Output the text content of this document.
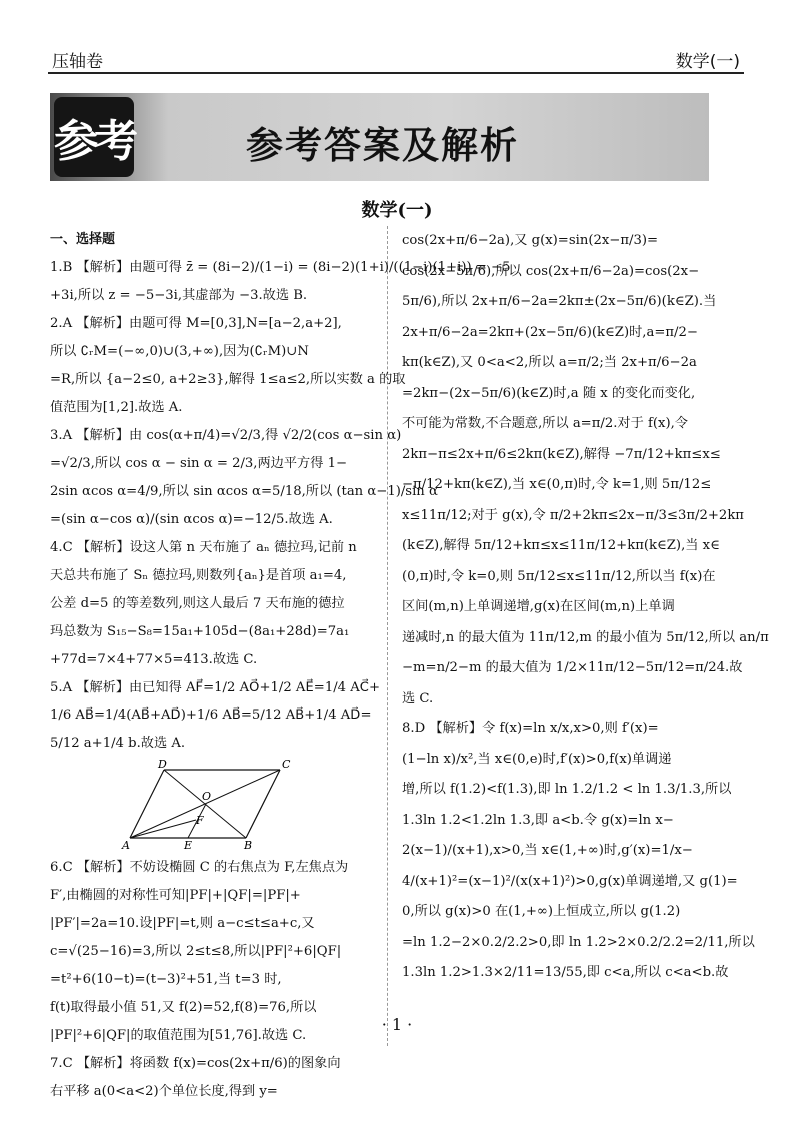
压轴卷	数学(一)
参考	参考答案及解析
数学(一)
一、选择题
1.B 【解析】由题可得 z̄ = (8i−2)/(1−i) = (8i−2)(1+i)/((1−i)(1+i)) = −5
+3i,所以 z = −5−3i,其虚部为 −3.故选 B.
2.A 【解析】由题可得 M=[0,3],N=[a−2,a+2],
所以 ∁ᵣM=(−∞,0)∪(3,+∞),因为(∁ᵣM)∪N
=R,所以 {a−2≤0, a+2≥3},解得 1≤a≤2,所以实数 a 的取
值范围为[1,2].故选 A.
3.A 【解析】由 cos(α+π/4)=√2/3,得 √2/2(cos α−sin α)
=√2/3,所以 cos α − sin α = 2/3,两边平方得 1−
2sin αcos α=4/9,所以 sin αcos α=5/18,所以 (tan α−1)/sin α
=(sin α−cos α)/(sin αcos α)=−12/5.故选 A.
4.C 【解析】设这人第 n 天布施了 aₙ 德拉玛,记前 n
天总共布施了 Sₙ 德拉玛,则数列{aₙ}是首项 a₁=4,
公差 d=5 的等差数列,则这人最后 7 天布施的德拉
玛总数为 S₁₅−S₈=15a₁+105d−(8a₁+28d)=7a₁
+77d=7×4+77×5=413.故选 C.
5.A 【解析】由已知得 AF⃗=1/2 AO⃗+1/2 AE⃗=1/4 AC⃗+
1/6 AB⃗=1/4(AB⃗+AD⃗)+1/6 AB⃗=5/12 AB⃗+1/4 AD⃗=
5/12 a+1/4 b.故选 A.
D	C
O
F
A	E	B
6.C 【解析】不妨设椭圆 C 的右焦点为 F,左焦点为
F′,由椭圆的对称性可知|PF|+|QF|=|PF|+
|PF′|=2a=10.设|PF|=t,则 a−c≤t≤a+c,又
c=√(25−16)=3,所以 2≤t≤8,所以|PF|²+6|QF|
=t²+6(10−t)=(t−3)²+51,当 t=3 时,
f(t)取得最小值 51,又 f(2)=52,f(8)=76,所以
|PF|²+6|QF|的取值范围为[51,76].故选 C.
7.C 【解析】将函数 f(x)=cos(2x+π/6)的图象向
右平移 a(0<a<2)个单位长度,得到 y=
cos(2x+π/6−2a),又 g(x)=sin(2x−π/3)=
cos(2x−5π/6),所以 cos(2x+π/6−2a)=cos(2x−
5π/6),所以 2x+π/6−2a=2kπ±(2x−5π/6)(k∈Z).当
2x+π/6−2a=2kπ+(2x−5π/6)(k∈Z)时,a=π/2−
kπ(k∈Z),又 0<a<2,所以 a=π/2;当 2x+π/6−2a
=2kπ−(2x−5π/6)(k∈Z)时,a 随 x 的变化而变化,
不可能为常数,不合题意,所以 a=π/2.对于 f(x),令
2kπ−π≤2x+π/6≤2kπ(k∈Z),解得 −7π/12+kπ≤x≤
−π/12+kπ(k∈Z),当 x∈(0,π)时,令 k=1,则 5π/12≤
x≤11π/12;对于 g(x),令 π/2+2kπ≤2x−π/3≤3π/2+2kπ
(k∈Z),解得 5π/12+kπ≤x≤11π/12+kπ(k∈Z),当 x∈
(0,π)时,令 k=0,则 5π/12≤x≤11π/12,所以当 f(x)在
区间(m,n)上单调递增,g(x)在区间(m,n)上单调
递减时,n 的最大值为 11π/12,m 的最小值为 5π/12,所以 an/π
−m=n/2−m 的最大值为 1/2×11π/12−5π/12=π/24.故
选 C.
8.D 【解析】令 f(x)=ln x/x,x>0,则 f′(x)=
(1−ln x)/x²,当 x∈(0,e)时,f′(x)>0,f(x)单调递
增,所以 f(1.2)<f(1.3),即 ln 1.2/1.2 < ln 1.3/1.3,所以
1.3ln 1.2<1.2ln 1.3,即 a<b.令 g(x)=ln x−
2(x−1)/(x+1),x>0,当 x∈(1,+∞)时,g′(x)=1/x−
4/(x+1)²=(x−1)²/(x(x+1)²)>0,g(x)单调递增,又 g(1)=
0,所以 g(x)>0 在(1,+∞)上恒成立,所以 g(1.2)
=ln 1.2−2×0.2/2.2>0,即 ln 1.2>2×0.2/2.2=2/11,所以
1.3ln 1.2>1.3×2/11=13/55,即 c<a,所以 c<a<b.故
· 1 ·
